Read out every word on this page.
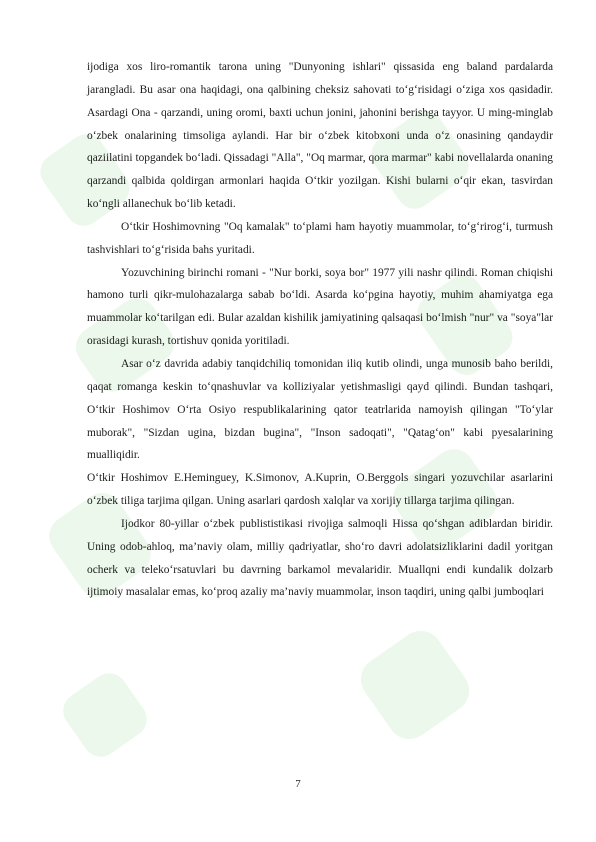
ijodiga xos liro-romantik tarona uning "Dunyoning ishlari" qissasida eng baland pardalarda jarangladi. Bu asar ona haqidagi, ona qalbining cheksiz sahovati to‘g‘risidagi o‘ziga xos qasidadir. Asardagi Ona - qarzandi, uning oromi, baxti uchun jonini, jahonini berishga tayyor. U ming-minglab o‘zbek onalarining timsoliga aylandi. Har bir o‘zbek kitobxoni unda o‘z onasining qandaydir qaziilatini topgandek bo‘ladi. Qissadagi "Alla", "Oq marmar, qora marmar" kabi novellalarda onaning qarzandi qalbida qoldirgan armonlari haqida O‘tkir yozilgan. Kishi bularni o‘qir ekan, tasvirdan ko‘ngli allanechuk bo‘lib ketadi.

O‘tkir Hoshimovning "Oq kamalak" to‘plami ham hayotiy muammolar, to‘g‘rirog‘i, turmush tashvishlari to‘g‘risida bahs yuritadi.

Yozuvchining birinchi romani - "Nur borki, soya bor" 1977 yili nashr qilindi. Roman chiqishi hamono turli qikr-mulohazalarga sabab bo‘ldi. Asarda ko‘pgina hayotiy, muhim ahamiyatga ega muammolar ko‘tarilgan edi. Bular azaldan kishilik jamiyatining qalsaqasi bo‘lmish "nur" va "soya"lar orasidagi kurash, tortishuv qonida yoritiladi.

Asar o‘z davrida adabiy tanqidchiliq tomonidan iliq kutib olindi, unga munosib baho berildi, qaqat romanga keskin to‘qnashuvlar va kolliziyalar yetishmasligi qayd qilindi. Bundan tashqari, O‘tkir Hoshimov O‘rta Osiyo respublikalarining qator teatrlarida namoyish qilingan "To‘ylar muborak", "Sizdan ugina, bizdan bugina", "Inson sadoqati", "Qatag‘on" kabi pyesalarining mualliqidir.

O‘tkir Hoshimov E.Heminguey, K.Simonov, A.Kuprin, O.Berggols singari yozuvchilar asarlarini o‘zbek tiliga tarjima qilgan. Uning asarlari qardosh xalqlar va xorijiy tillarga tarjima qilingan.

Ijodkor 80-yillar o‘zbek publististikasi rivojiga salmoqli Hissa qo‘shgan adiblardan biridir. Uning odob-ahloq, ma’naviy olam, milliy qadriyatlar, sho‘ro davri adolatsizliklarini dadil yoritgan ocherk va teleko‘rsatuvlari bu davrning barkamol mevalaridir. Muallqni endi kundalik dolzarb ijtimoiy masalalar emas, ko‘proq azaliy ma’naviy muammolar, inson taqdiri, uning qalbi jumboqlari

7
